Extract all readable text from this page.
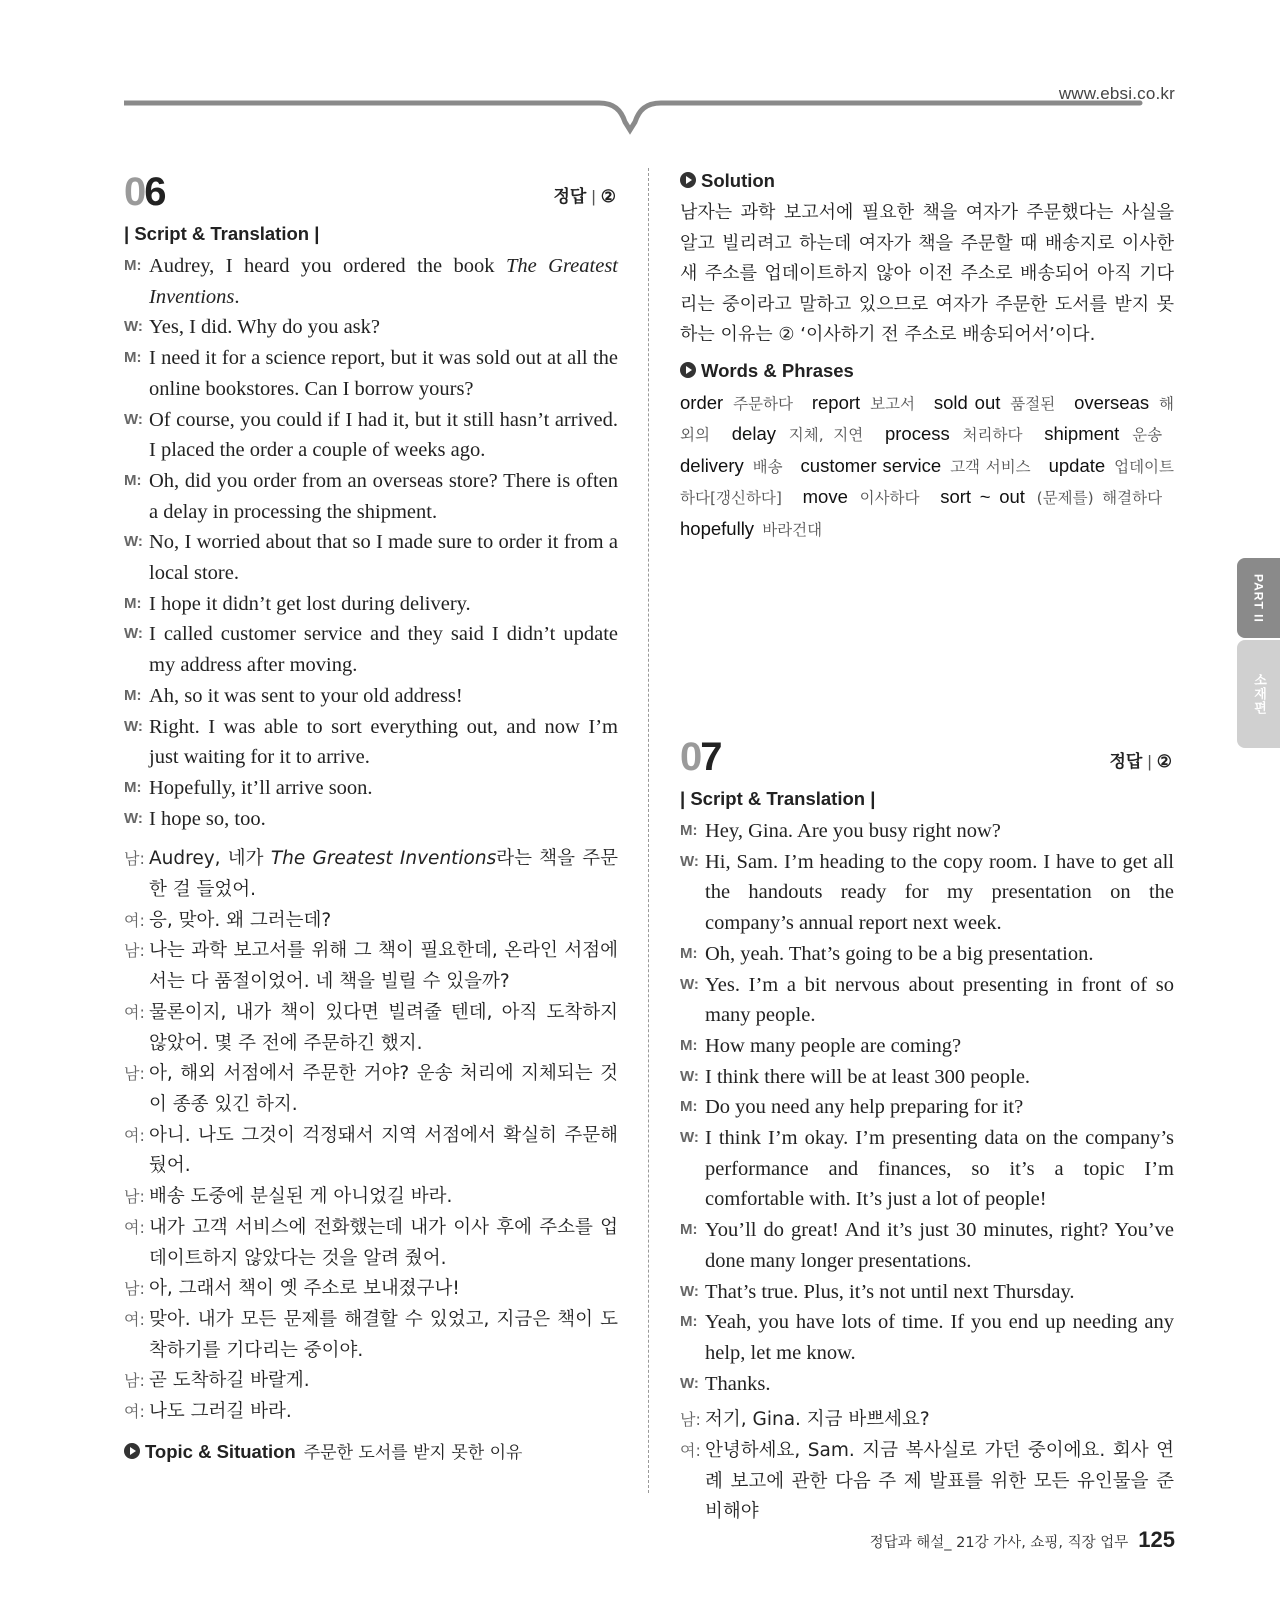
www.ebsi.co.kr
06	정답 | ②
| Script & Translation |
M: Audrey, I heard you ordered the book The Greatest Inventions.
W: Yes, I did. Why do you ask?
M: I need it for a science report, but it was sold out at all the online bookstores. Can I borrow yours?
W: Of course, you could if I had it, but it still hasn’t arrived. I placed the order a couple of weeks ago.
M: Oh, did you order from an overseas store? There is often a delay in processing the shipment.
W: No, I worried about that so I made sure to order it from a local store.
M: I hope it didn’t get lost during delivery.
W: I called customer service and they said I didn’t update my address after moving.
M: Ah, so it was sent to your old address!
W: Right. I was able to sort everything out, and now I’m just waiting for it to arrive.
M: Hopefully, it’ll arrive soon.
W: I hope so, too.
남: Audrey, 네가 The Greatest Inventions라는 책을 주문한 걸 들었어.
여: 응, 맞아. 왜 그러는데?
남: 나는 과학 보고서를 위해 그 책이 필요한데, 온라인 서점에서는 다 품절이었어. 네 책을 빌릴 수 있을까?
여: 물론이지, 내가 책이 있다면 빌려줄 텐데, 아직 도착하지 않았어. 몇 주 전에 주문하긴 했지.
남: 아, 해외 서점에서 주문한 거야? 운송 처리에 지체되는 것이 종종 있긴 하지.
여: 아니. 나도 그것이 걱정돼서 지역 서점에서 확실히 주문해 뒀어.
남: 배송 도중에 분실된 게 아니었길 바라.
여: 내가 고객 서비스에 전화했는데 내가 이사 후에 주소를 업데이트하지 않았다는 것을 알려 줬어.
남: 아, 그래서 책이 옛 주소로 보내졌구나!
여: 맞아. 내가 모든 문제를 해결할 수 있었고, 지금은 책이 도착하기를 기다리는 중이야.
남: 곧 도착하길 바랄게.
여: 나도 그러길 바라.
Topic & Situation 주문한 도서를 받지 못한 이유
Solution
남자는 과학 보고서에 필요한 책을 여자가 주문했다는 사실을 알고 빌리려고 하는데 여자가 책을 주문할 때 배송지로 이사한 새 주소를 업데이트하지 않아 이전 주소로 배송되어 아직 기다리는 중이라고 말하고 있으므로 여자가 주문한 도서를 받지 못하는 이유는 ② ‘이사하기 전 주소로 배송되어서’이다.
Words & Phrases
order 주문하다 report 보고서 sold out 품절된 overseas 해외의 delay 지체, 지연 process 처리하다 shipment 운송 delivery 배송 customer service 고객 서비스 update 업데이트하다[갱신하다] move 이사하다 sort ~ out (문제를) 해결하다 hopefully 바라건대
07	정답 | ②
| Script & Translation |
M: Hey, Gina. Are you busy right now?
W: Hi, Sam. I’m heading to the copy room. I have to get all the handouts ready for my presentation on the company’s annual report next week.
M: Oh, yeah. That’s going to be a big presentation.
W: Yes. I’m a bit nervous about presenting in front of so many people.
M: How many people are coming?
W: I think there will be at least 300 people.
M: Do you need any help preparing for it?
W: I think I’m okay. I’m presenting data on the company’s performance and finances, so it’s a topic I’m comfortable with. It’s just a lot of people!
M: You’ll do great! And it’s just 30 minutes, right? You’ve done many longer presentations.
W: That’s true. Plus, it’s not until next Thursday.
M: Yeah, you have lots of time. If you end up needing any help, let me know.
W: Thanks.
남: 저기, Gina. 지금 바쁘세요?
여: 안녕하세요, Sam. 지금 복사실로 가던 중이에요. 회사 연례 보고에 관한 다음 주 제 발표를 위한 모든 유인물을 준비해야
PART II
소재편
정답과 해설_ 21강 가사, 쇼핑, 직장 업무 125
